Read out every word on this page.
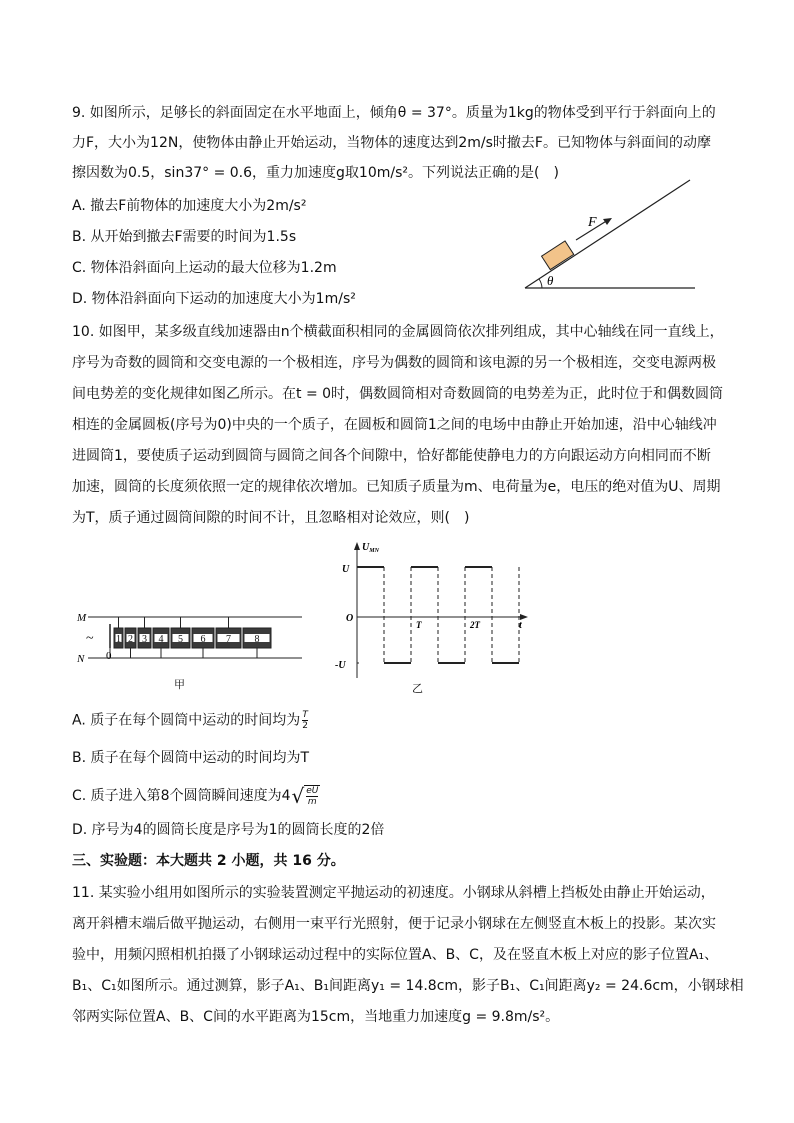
9. 如图所示，足够长的斜面固定在水平地面上，倾角θ = 37°。质量为1kg的物体受到平行于斜面向上的
力F，大小为12N，使物体由静止开始运动，当物体的速度达到2m/s时撤去F。已知物体与斜面间的动摩
擦因数为0.5，sin37° = 0.6，重力加速度g取10m/s²。下列说法正确的是(　)
A. 撤去F前物体的加速度大小为2m/s²
B. 从开始到撤去F需要的时间为1.5s
C. 物体沿斜面向上运动的最大位移为1.2m
D. 物体沿斜面向下运动的加速度大小为1m/s²
F
θ
10. 如图甲，某多级直线加速器由n个横截面积相同的金属圆筒依次排列组成，其中心轴线在同一直线上，
序号为奇数的圆筒和交变电源的一个极相连，序号为偶数的圆筒和该电源的另一个极相连，交变电源两极
间电势差的变化规律如图乙所示。在t = 0时，偶数圆筒相对奇数圆筒的电势差为正，此时位于和偶数圆筒
相连的金属圆板(序号为0)中央的一个质子，在圆板和圆筒1之间的电场中由静止开始加速，沿中心轴线冲
进圆筒1，要使质子运动到圆筒与圆筒之间各个间隙中，恰好都能使静电力的方向跟运动方向相同而不断
加速，圆筒的长度须依照一定的规律依次增加。已知质子质量为m、电荷量为e，电压的绝对值为U、周期
为T，质子通过圆筒间隙的时间不计，且忽略相对论效应，则(　)
M
N
~
0
1 2 3 4 5 6 7 8
甲
$U_{MN}$
t
O
U
-U
T	2T
乙
A. 质子在每个圆筒中运动的时间均为 $\frac{T}{2}$
B. 质子在每个圆筒中运动的时间均为T
C. 质子进入第8个圆筒瞬间速度为$4√ \frac{eU}{m}$
D. 序号为4的圆筒长度是序号为1的圆筒长度的2倍
三、实验题：本大题共 2 小题，共 16 分。
11. 某实验小组用如图所示的实验装置测定平抛运动的初速度。小钢球从斜槽上挡板处由静止开始运动，
离开斜槽末端后做平抛运动，右侧用一束平行光照射，便于记录小钢球在左侧竖直木板上的投影。某次实
验中，用频闪照相机拍摄了小钢球运动过程中的实际位置A、B、C，及在竖直木板上对应的影子位置A₁、
B₁、C₁如图所示。通过测算，影子A₁、B₁间距离y₁ = 14.8cm，影子B₁、C₁间距离y₂ = 24.6cm，小钢球相
邻两实际位置A、B、C间的水平距离为15cm，当地重力加速度g = 9.8m/s²。
